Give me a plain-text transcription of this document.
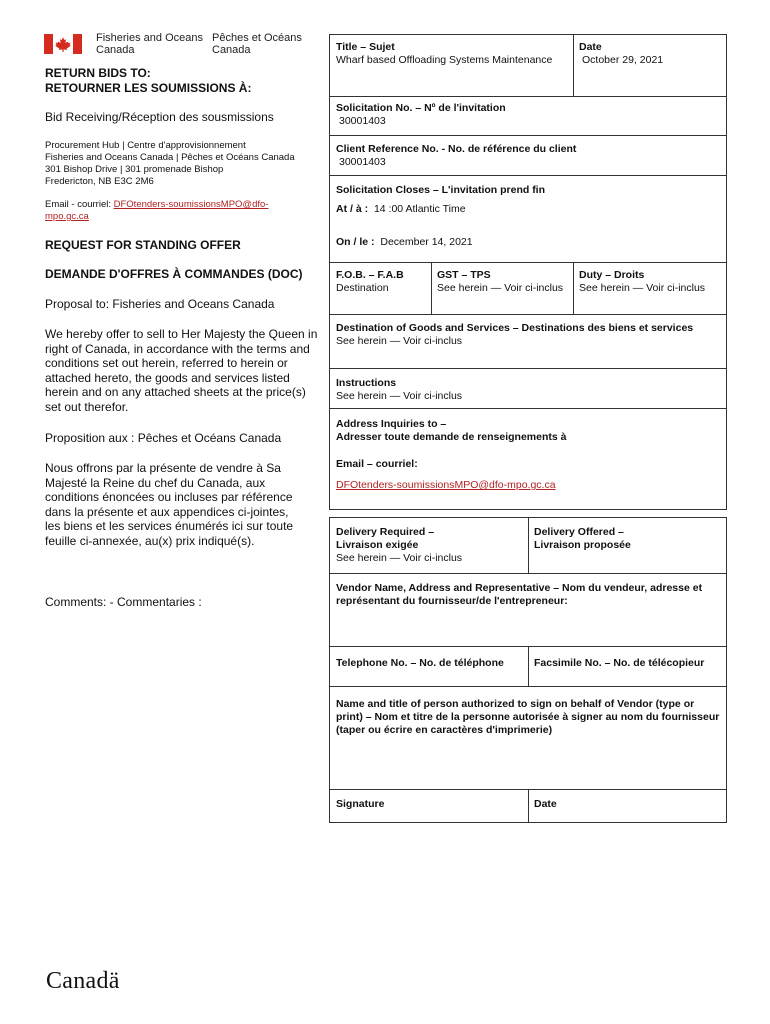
Fisheries and Oceans
Canada
Pêches et Océans
Canada
RETURN BIDS TO:
RETOURNER LES SOUMISSIONS À:
Bid Receiving/Réception des sousmissions
Procurement Hub | Centre d'approvisionnement
Fisheries and Oceans Canada | Pêches et Océans Canada
301 Bishop Drive | 301 promenade Bishop
Fredericton, NB E3C 2M6
Email - courriel: DFOtenders-soumissionsMPO@dfo-
mpo.gc.ca
REQUEST FOR STANDING OFFER
DEMANDE D'OFFRES À COMMANDES (DOC)
Proposal to: Fisheries and Oceans Canada
We hereby offer to sell to Her Majesty the Queen in right of Canada, in accordance with the terms and conditions set out herein, referred to herein or attached hereto, the goods and services listed herein and on any attached sheets at the price(s) set out therefor.
Proposition aux : Pêches et Océans Canada
Nous offrons par la présente de vendre à Sa Majesté la Reine du chef du Canada, aux conditions énoncées ou incluses par référence dans la présente et aux appendices ci-jointes, les biens et les services énumérés ici sur toute feuille ci-annexée, au(x) prix indiqué(s).
Comments: - Commentaries :
Title – Sujet
Wharf based Offloading Systems Maintenance
Date
October 29, 2021
Solicitation No. – Nº de l'invitation
30001403
Client Reference No. - No. de référence du client
30001403
Solicitation Closes – L'invitation prend fin
At / à : 14 :00 Atlantic Time
On / le : December 14, 2021
F.O.B. – F.A.B
Destination
GST – TPS
See herein — Voir ci-inclus
Duty – Droits
See herein — Voir ci-inclus
Destination of Goods and Services – Destinations des biens et services
See herein — Voir ci-inclus
Instructions
See herein — Voir ci-inclus
Address Inquiries to –
Adresser toute demande de renseignements à
Email – courriel:
DFOtenders-soumissionsMPO@dfo-mpo.gc.ca
Delivery Required –
Livraison exigée
See herein — Voir ci-inclus
Delivery Offered –
Livraison proposée
Vendor Name, Address and Representative – Nom du vendeur, adresse et représentant du fournisseur/de l'entrepreneur:
Telephone No. – No. de téléphone	Facsimile No. – No. de télécopieur
Name and title of person authorized to sign on behalf of Vendor (type or print) – Nom et titre de la personne autorisée à signer au nom du fournisseur (taper ou écrire en caractères d'imprimerie)
Signature	Date
Canadä
